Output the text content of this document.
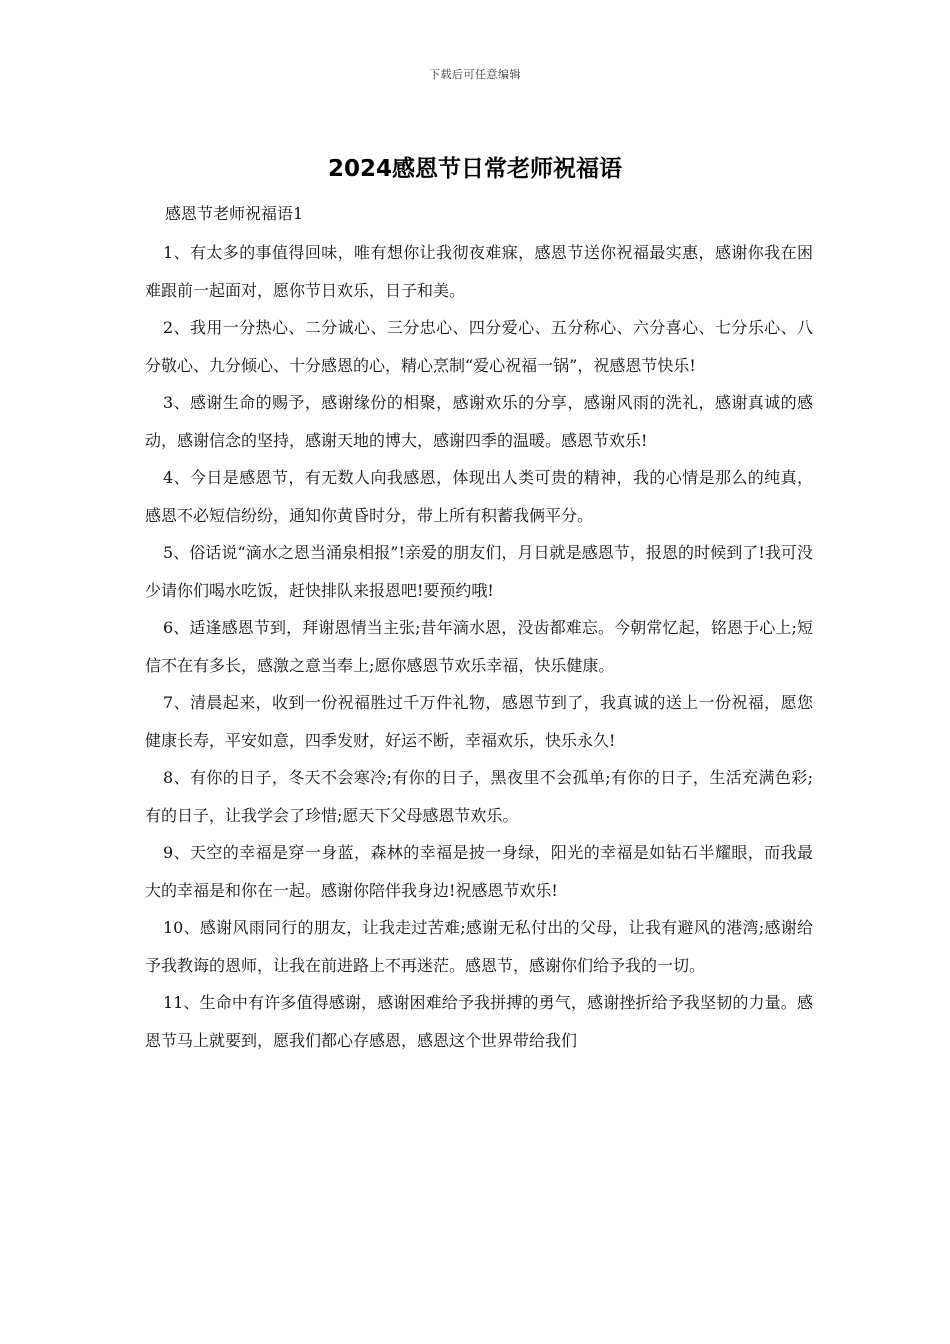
下载后可任意编辑
2024感恩节日常老师祝福语
感恩节老师祝福语1

1、有太多的事值得回味，唯有想你让我彻夜难寐，感恩节送你祝福最实惠，感谢你我在困难跟前一起面对，愿你节日欢乐，日子和美。

2、我用一分热心、二分诚心、三分忠心、四分爱心、五分称心、六分喜心、七分乐心、八分敬心、九分倾心、十分感恩的心，精心烹制“爱心祝福一锅”，祝感恩节快乐!

3、感谢生命的赐予，感谢缘份的相聚，感谢欢乐的分享，感谢风雨的洗礼，感谢真诚的感动，感谢信念的坚持，感谢天地的博大，感谢四季的温暖。感恩节欢乐!

4、今日是感恩节，有无数人向我感恩，体现出人类可贵的精神，我的心情是那么的纯真，感恩不必短信纷纷，通知你黄昏时分，带上所有积蓄我俩平分。

5、俗话说“滴水之恩当涌泉相报”!亲爱的朋友们，月日就是感恩节，报恩的时候到了!我可没少请你们喝水吃饭，赶快排队来报恩吧!要预约哦!

6、适逢感恩节到，拜谢恩情当主张;昔年滴水恩，没齿都难忘。今朝常忆起，铭恩于心上;短信不在有多长，感激之意当奉上;愿你感恩节欢乐幸福，快乐健康。

7、清晨起来，收到一份祝福胜过千万件礼物，感恩节到了，我真诚的送上一份祝福，愿您健康长寿，平安如意，四季发财，好运不断，幸福欢乐，快乐永久!

8、有你的日子，冬天不会寒冷;有你的日子，黑夜里不会孤单;有你的日子，生活充满色彩;有的日子，让我学会了珍惜;愿天下父母感恩节欢乐。

9、天空的幸福是穿一身蓝，森林的幸福是披一身绿，阳光的幸福是如钻石半耀眼，而我最大的幸福是和你在一起。感谢你陪伴我身边!祝感恩节欢乐!

10、感谢风雨同行的朋友，让我走过苦难;感谢无私付出的父母，让我有避风的港湾;感谢给予我教诲的恩师，让我在前进路上不再迷茫。感恩节，感谢你们给予我的一切。

11、生命中有许多值得感谢，感谢困难给予我拼搏的勇气，感谢挫折给予我坚韧的力量。感恩节马上就要到，愿我们都心存感恩，感恩这个世界带给我们
